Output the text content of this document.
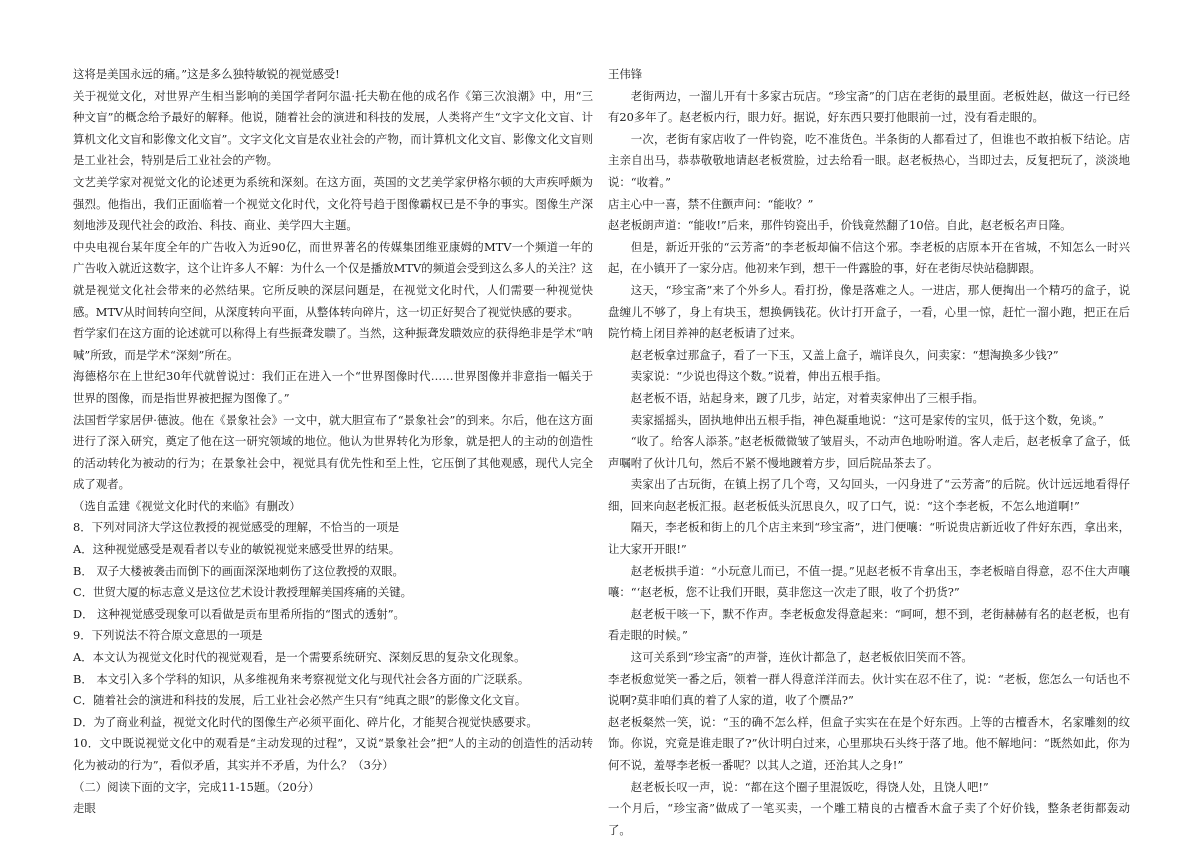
这将是美国永远的痛。”这是多么独特敏锐的视觉感受!

关于视觉文化，对世界产生相当影响的美国学者阿尔温·托夫勒在他的成名作《第三次浪潮》中，用“三种文盲”的概念给予最好的解释。他说，随着社会的演进和科技的发展，人类将产生“文字文化文盲、计算机文化文盲和影像文化文盲”。文字文化文盲是农业社会的产物，而计算机文化文盲、影像文化文盲则是工业社会，特别是后工业社会的产物。

文艺美学家对视觉文化的论述更为系统和深刻。在这方面，英国的文艺美学家伊格尔顿的大声疾呼颇为强烈。他指出，我们正面临着一个视觉文化时代，文化符号趋于图像霸权已是不争的事实。图像生产深刻地涉及现代社会的政治、科技、商业、美学四大主题。

中央电视台某年度全年的广告收入为近90亿，而世界著名的传媒集团维亚康姆的MTV一个频道一年的广告收入就近这数字，这个让许多人不解：为什么一个仅是播放MTV的频道会受到这么多人的关注？这就是视觉文化社会带来的必然结果。它所反映的深层问题是，在视觉文化时代，人们需要一种视觉快感。MTV从时间转向空间，从深度转向平面，从整体转向碎片，这一切正好契合了视觉快感的要求。

哲学家们在这方面的论述就可以称得上有些振聋发聩了。当然，这种振聋发聩效应的获得绝非是学术“呐喊”所致，而是学术“深刻”所在。

海德格尔在上世纪30年代就曾说过：我们正在进入一个“世界图像时代……世界图像并非意指一幅关于世界的图像，而是指世界被把握为图像了。”

法国哲学家居伊·德波。他在《景象社会》一文中，就大胆宣布了“景象社会”的到来。尔后，他在这方面进行了深入研究，奠定了他在这一研究领域的地位。他认为世界转化为形象，就是把人的主动的创造性的活动转化为被动的行为；在景象社会中，视觉具有优先性和至上性，它压倒了其他观感，现代人完全成了观者。

（选自孟建《视觉文化时代的来临》有删改）

8．下列对同济大学这位教授的视觉感受的理解，不恰当的一项是

A．这种视觉感受是观看者以专业的敏锐视觉来感受世界的结果。

B． 双子大楼被袭击而倒下的画面深深地刺伤了这位教授的双眼。

C．世贸大厦的标志意义是这位艺术设计教授理解美国疼痛的关键。

D． 这种视觉感受现象可以看做是贡布里希所指的“图式的透射”。

9．下列说法不符合原文意思的一项是

A．本文认为视觉文化时代的视觉观看，是一个需要系统研究、深刻反思的复杂文化现象。

B． 本文引入多个学科的知识，从多维视角来考察视觉文化与现代社会各方面的广泛联系。

C．随着社会的演进和科技的发展，后工业社会必然产生只有“纯真之眼”的影像文化文盲。

D．为了商业利益，视觉文化时代的图像生产必须平面化、碎片化，才能契合视觉快感要求。

10．文中既说视觉文化中的观看是“主动发现的过程”，又说“景象社会”把“人的主动的创造性的活动转化为被动的行为”，看似矛盾，其实并不矛盾，为什么？（3分）

（二）阅读下面的文字，完成11-15题。（20分）

走眼

王伟锋

老街两边，一溜儿开有十多家古玩店。“珍宝斋”的门店在老街的最里面。老板姓赵，做这一行已经有20多年了。赵老板内行，眼力好。据说，好东西只要打他眼前一过，没有看走眼的。

一次，老街有家店收了一件钧瓷，吃不准货色。半条街的人都看过了，但谁也不敢拍板下结论。店主亲自出马，恭恭敬敬地请赵老板赏脸，过去给看一眼。赵老板热心，当即过去，反复把玩了，淡淡地说：“收着。”

店主心中一喜，禁不住颤声问：“能收？”

赵老板朗声道：“能收!”后来，那件钧瓷出手，价钱竟然翻了10倍。自此，赵老板名声日隆。

但是，新近开张的“云芳斋”的李老板却偏不信这个邪。李老板的店原本开在省城，不知怎么一时兴起，在小镇开了一家分店。他初来乍到，想干一件露脸的事，好在老街尽快站稳脚跟。

这天，“珍宝斋”来了个外乡人。看打扮，像是落难之人。一进店，那人便掏出一个精巧的盒子，说盘缠儿不够了，身上有块玉，想换俩钱花。伙计打开盒子，一看，心里一惊，赶忙一溜小跑，把正在后院竹椅上闭目养神的赵老板请了过来。

赵老板拿过那盒子，看了一下玉，又盖上盒子，端详良久，问卖家：“想淘换多少钱?”

卖家说：“少说也得这个数。”说着，伸出五根手指。

赵老板不语，站起身来，踱了几步，站定，对着卖家伸出了三根手指。

卖家摇摇头，固执地伸出五根手指，神色凝重地说：“这可是家传的宝贝，低于这个数，免谈。”

“收了。给客人添茶。”赵老板微微皱了皱眉头，不动声色地吩咐道。客人走后，赵老板拿了盒子，低声嘱咐了伙计几句，然后不紧不慢地踱着方步，回后院品茶去了。

卖家出了古玩街，在镇上拐了几个弯，又勾回头，一闪身进了“云芳斋”的后院。伙计远远地看得仔细，回来向赵老板汇报。赵老板低头沉思良久，叹了口气，说：“这个李老板，不怎么地道啊!”

隔天，李老板和街上的几个店主来到“珍宝斋”，进门便嚷：“听说贵店新近收了件好东西，拿出来，让大家开开眼!”

赵老板拱手道：“小玩意儿而已，不值一提。”见赵老板不肯拿出玉，李老板暗自得意，忍不住大声嚷嚷：“‘赵老板，您不让我们开眼，莫非您这一次走了眼，收了个扔货?”

赵老板干咳一下，默不作声。李老板愈发得意起来：“呵呵，想不到，老街赫赫有名的赵老板，也有看走眼的时候。”

这可关系到“珍宝斋”的声誉，连伙计都急了，赵老板依旧笑而不答。

李老板愈觉笑一番之后，领着一群人得意洋洋而去。伙计实在忍不住了，说：“老板，您怎么一句话也不说啊?莫非咱们真的着了人家的道，收了个赝品?”

赵老板粲然一笑，说：“玉的确不怎么样，但盒子实实在在是个好东西。上等的古檀香木，名家雕刻的纹饰。你说，究竟是谁走眼了?”伙计明白过来，心里那块石头终于落了地。他不解地问：“既然如此，你为何不说，羞辱李老板一番呢？以其人之道，还治其人之身!”

赵老板长叹一声，说：“都在这个圈子里混饭吃，得饶人处，且饶人吧!”

一个月后，“珍宝斋”做成了一笔买卖，一个雕工精良的古檀香木盒子卖了个好价钱，整条老街都轰动了。
